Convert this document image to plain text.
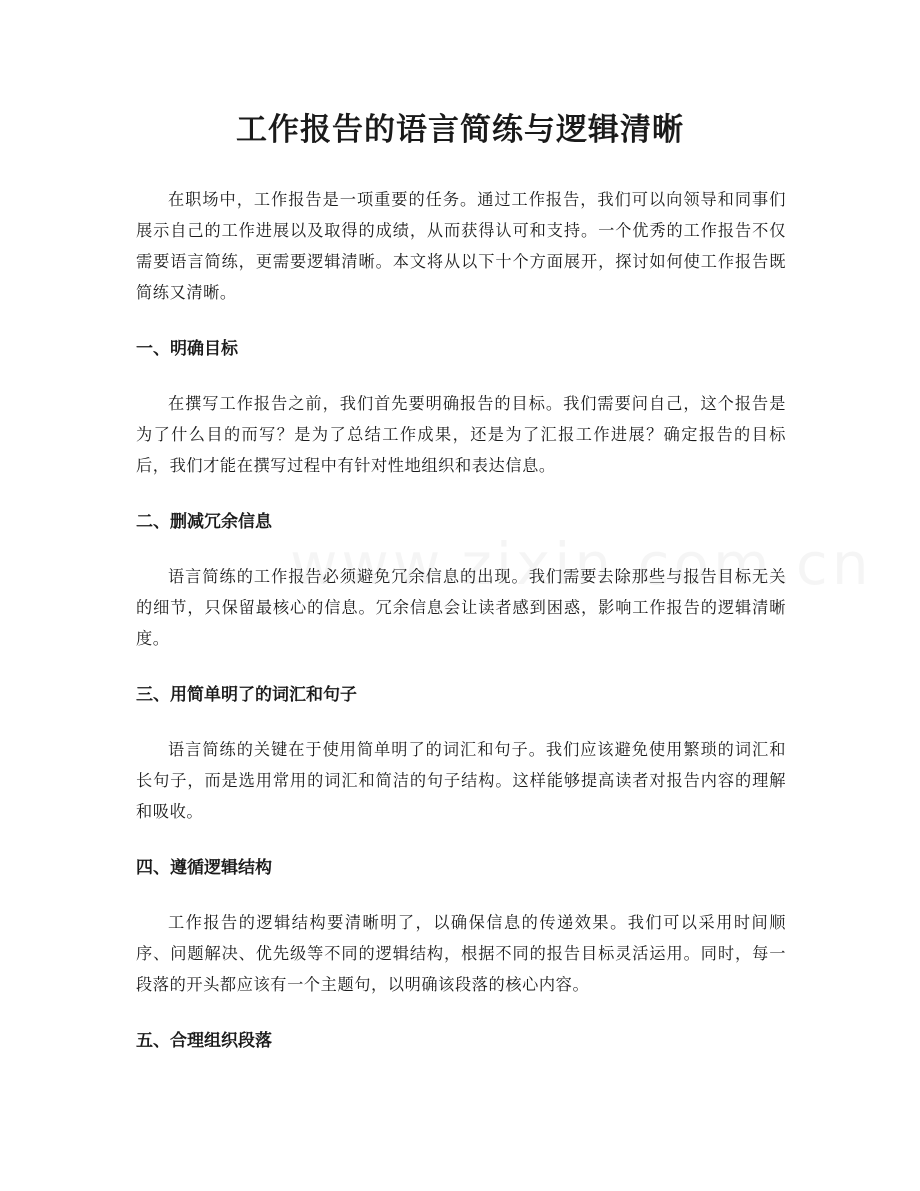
工作报告的语言简练与逻辑清晰

在职场中，工作报告是一项重要的任务。通过工作报告，我们可以向领导和同事们展示自己的工作进展以及取得的成绩，从而获得认可和支持。一个优秀的工作报告不仅需要语言简练，更需要逻辑清晰。本文将从以下十个方面展开，探讨如何使工作报告既简练又清晰。

一、明确目标

在撰写工作报告之前，我们首先要明确报告的目标。我们需要问自己，这个报告是为了什么目的而写？是为了总结工作成果，还是为了汇报工作进展？确定报告的目标后，我们才能在撰写过程中有针对性地组织和表达信息。

二、删减冗余信息

语言简练的工作报告必须避免冗余信息的出现。我们需要去除那些与报告目标无关的细节，只保留最核心的信息。冗余信息会让读者感到困惑，影响工作报告的逻辑清晰度。

三、用简单明了的词汇和句子

语言简练的关键在于使用简单明了的词汇和句子。我们应该避免使用繁琐的词汇和长句子，而是选用常用的词汇和简洁的句子结构。这样能够提高读者对报告内容的理解和吸收。

四、遵循逻辑结构

工作报告的逻辑结构要清晰明了，以确保信息的传递效果。我们可以采用时间顺序、问题解决、优先级等不同的逻辑结构，根据不同的报告目标灵活运用。同时，每一段落的开头都应该有一个主题句，以明确该段落的核心内容。

五、合理组织段落
